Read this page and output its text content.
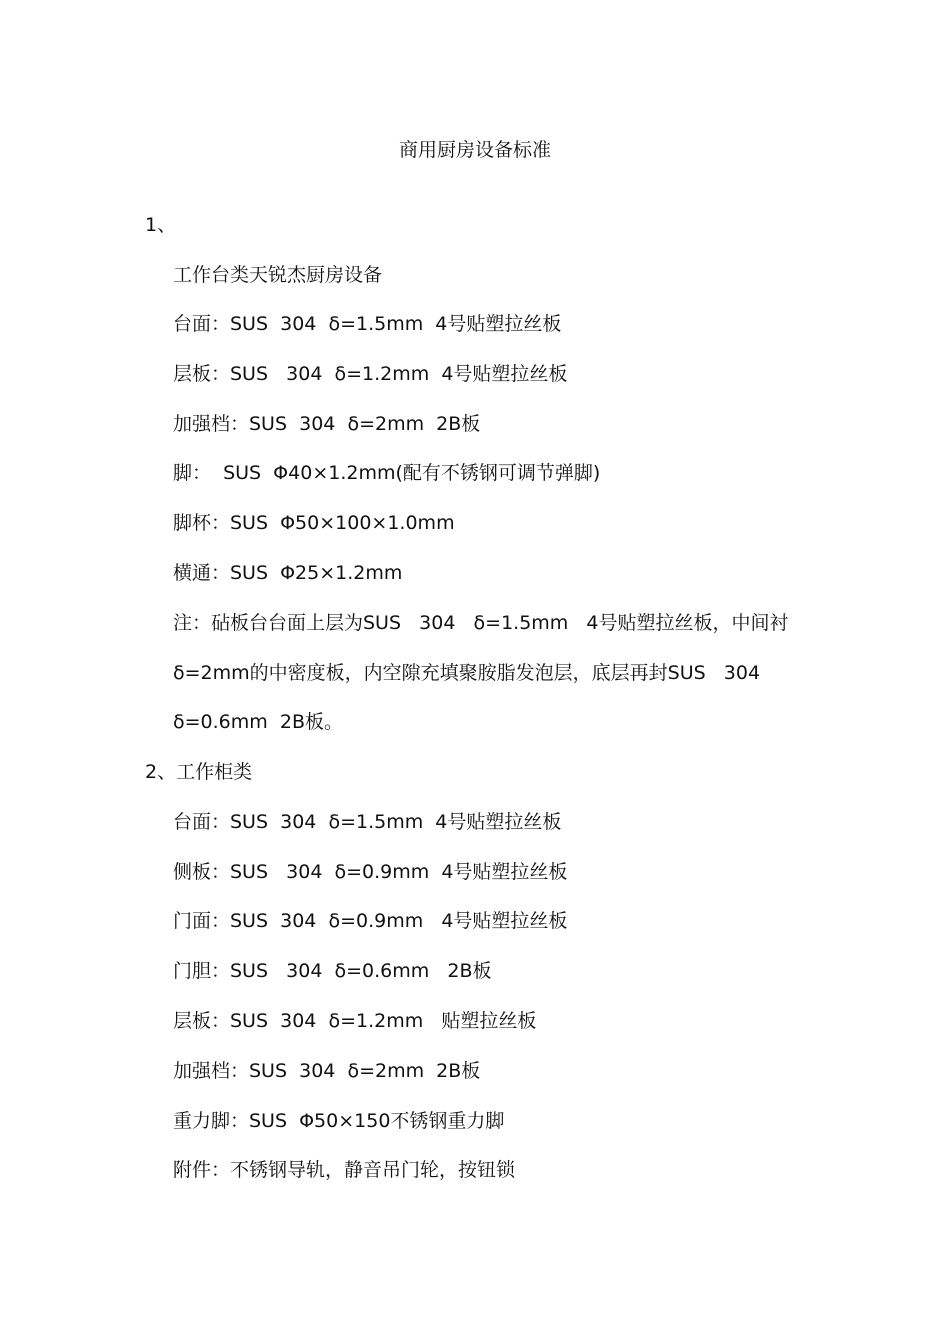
商用厨房设备标准
1、
工作台类天锐杰厨房设备
台面：SUS  304  δ=1.5mm  4号贴塑拉丝板
层板：SUS   304  δ=1.2mm  4号贴塑拉丝板
加强档：SUS  304  δ=2mm  2B板
脚：  SUS  Φ40×1.2mm(配有不锈钢可调节弹脚)
脚杯：SUS  Φ50×100×1.0mm
横通：SUS  Φ25×1.2mm
注：砧板台台面上层为SUS   304   δ=1.5mm   4号贴塑拉丝板，中间衬
δ=2mm的中密度板，内空隙充填聚胺脂发泡层，底层再封SUS   304
δ=0.6mm  2B板。
2、工作柜类
台面：SUS  304  δ=1.5mm  4号贴塑拉丝板
侧板：SUS   304  δ=0.9mm  4号贴塑拉丝板
门面：SUS  304  δ=0.9mm   4号贴塑拉丝板
门胆：SUS   304  δ=0.6mm   2B板
层板：SUS  304  δ=1.2mm   贴塑拉丝板
加强档：SUS  304  δ=2mm  2B板
重力脚：SUS  Φ50×150不锈钢重力脚
附件：不锈钢导轨，静音吊门轮，按钮锁
